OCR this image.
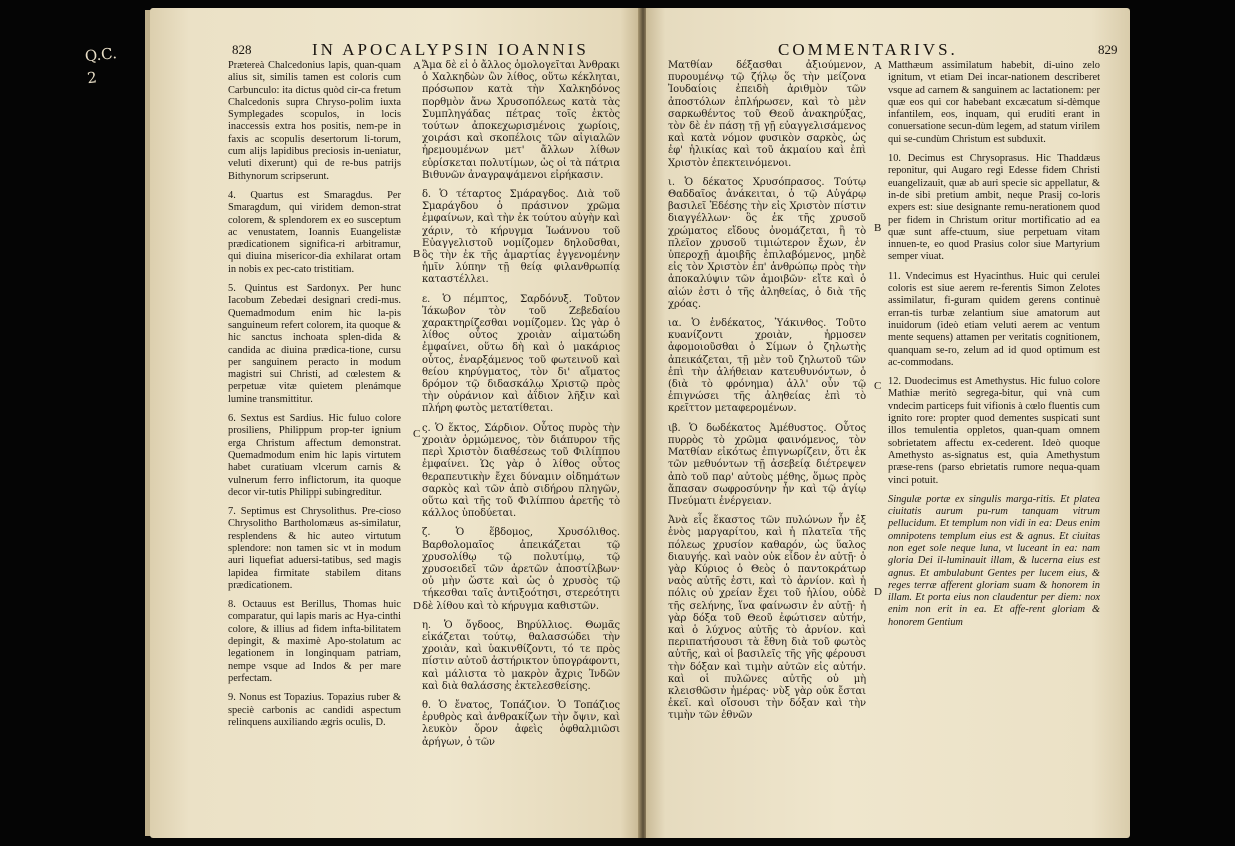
Q.C. 2
828	IN APOCALYPSIN IOANNIS

Prætereà Chalcedonius lapis, quan-quam alius sit, similis tamen est coloris cum Carbunculo: ita dictus quòd cir-ca fretum Chalcedonis supra Chryso-polim iuxta Symplegades scopulos, in locis inaccessis extra hos positis, nem-pe in faxis ac scopulis desertorum li-torum, cum alijs lapidibus preciosis in-ueniatur, veluti dixerunt) qui de re-bus patrijs Bithynorum scripserunt.

4. Quartus est Smaragdus. Per Smaragdum, qui viridem demon-strat colorem, & splendorem ex eo susceptum ac venustatem, Ioannis Euangelistæ prædicationem significa-ri arbitramur, qui diuina misericor-dia exhilarat ortam in nobis ex pec-cato tristitiam.

5. Quintus est Sardonyx. Per hunc Iacobum Zebedæi designari credi-mus. Quemadmodum enim hic la-pis sanguineum refert colorem, ita quoque & hic sanctus inchoata splen-dida & candida ac diuina prædica-tione, cursu per sanguinem peracto in modum magistri sui Christi, ad cœlestem & perpetuæ vitæ quietem plenámque lumine transmittitur.

6. Sextus est Sardius. Hic fuluo colore prosiliens, Philippum prop-ter ignium erga Christum affectum demonstrat. Quemadmodum enim hic lapis virtutem habet curatiuam vlcerum carnis & vulnerum ferro inflictorum, ita quoque decor vir-tutis Philippi subingreditur.

7. Septimus est Chrysolithus. Pre-cioso Chrysolitho Bartholomæus as-similatur, resplendens & hic auteo virtutum splendore: non tamen sic vt in modum auri liquefiat aduersi-tatibus, sed magis lapidea firmitate stabilem ditans prædicationem.

8. Octauus est Berillus, Thomas huic comparatur, qui lapis maris ac Hya-cinthi colore, & illius ad fidem infta-bilitatem depingit, & maximè Apo-stolatum ac legationem in longinquam patriam, nempe vsque ad Indos & per mare perfectam.

9. Nonus est Topazius. Topazius ruber & speciè carbonis ac candidi aspectum relinquens auxiliando ægris oculis, D.

A
B
C
D

Ἄμα δὲ εἰ ὁ ἄλλος ὁμολογεῖται Ἀνθρακι ὁ Χαλκηδὼν ὢν λίθος, οὕτω κέκληται, πρόσωπον κατὰ τὴν Χαλκηδόνος πορθμὸν ἄνω Χρυσοπόλεως κατὰ τὰς Συμπληγάδας πέτρας τοῖς ἐκτὸς τούτων ἀποκεχωρισμένοις χωρίοις, χοιράσι καὶ σκοπέλοις τῶν αἰγιαλῶν ἠρεμουμένων μετ' ἄλλων λίθων εὑρίσκεται πολυτίμων, ὡς οἱ τὰ πάτρια Βιθυνῶν ἀναγραψάμενοι εἰρήκασιν.

δ. Ὁ τέταρτος Σμάραγδος. Διὰ τοῦ Σμαράγδου ὁ πράσινον χρῶμα ἐμφαίνων, καὶ τὴν ἐκ τούτου αὐγὴν καὶ χάριν, τὸ κήρυγμα Ἰωάννου τοῦ Εὐαγγελιστοῦ νομίζομεν δηλοῦσθαι, ὃς τὴν ἐκ τῆς ἁμαρτίας ἐγγενομένην ἡμῖν λύπην τῇ θείᾳ φιλανθρωπίᾳ καταστέλλει.

ε. Ὁ πέμπτος, Σαρδόνυξ. Τοῦτον Ἰάκωβον τὸν τοῦ Ζεβεδαίου χαρακτηρίζεσθαι νομίζομεν. Ὡς γὰρ ὁ λίθος οὗτος χροιὰν αἱματώδη ἐμφαίνει, οὕτω δὴ καὶ ὁ μακάριος οὗτος, ἐναρξάμενος τοῦ φωτεινοῦ καὶ θείου κηρύγματος, τὸν δι' αἵματος δρόμον τῷ διδασκάλῳ Χριστῷ πρὸς τὴν οὐράνιον καὶ ἀΐδιον λῆξιν καὶ πλήρη φωτὸς μετατίθεται.

ς. Ὁ ἕκτος, Σάρδιον. Οὗτος πυρὸς τὴν χροιὰν ὁρμώμενος, τὸν διάπυρον τῆς περὶ Χριστὸν διαθέσεως τοῦ Φιλίππου ἐμφαίνει. Ὡς γὰρ ὁ λίθος οὗτος θεραπευτικὴν ἔχει δύναμιν οἰδημάτων σαρκὸς καὶ τῶν ἀπὸ σιδήρου πληγῶν, οὕτω καὶ τῆς τοῦ Φιλίππου ἀρετῆς τὸ κάλλος ὑποδύεται.

ζ. Ὁ ἕβδομος, Χρυσόλιθος. Βαρθολομαῖος ἀπεικάζεται τῷ χρυσολίθῳ τῷ πολυτίμῳ, τῷ χρυσοειδεῖ τῶν ἀρετῶν ἀποστίλβων· οὐ μὴν ὥστε καὶ ὡς ὁ χρυσὸς τῷ τήκεσθαι ταῖς ἀντιξοότησι, στερεότητι δὲ λίθου καὶ τὸ κήρυγμα καθιστῶν.

η. Ὁ ὄγδοος, Βηρύλλιος. Θωμᾶς εἰκάζεται τούτῳ, θαλασσώδει τὴν χροιὰν, καὶ ὑακινθίζοντι, τό τε πρὸς πίστιν αὐτοῦ ἀστήρικτον ὑπογράφοντι, καὶ μάλιστα τὸ μακρὸν ἄχρις Ἰνδῶν καὶ διὰ θαλάσσης ἐκτελεσθείσης.

θ. Ὁ ἔνατος, Τοπάζιον. Ὁ Τοπάζιος ἐρυθρὸς καὶ ἀνθρακίζων τὴν ὄψιν, καὶ λευκὸν ὅρον ἀφεὶς ὀφθαλμιῶσι ἀρήγων, ὁ τῶν

COMMENTARIVS.	829

Ματθίαν δέξασθαι ἀξιούμενον, πυρουμένῳ τῷ ζήλῳ ὅς τὴν μείζονα Ἰουδαίοις ἐπειδὴ ἀριθμὸν τῶν ἀποστόλων ἐπλήρωσεν, καὶ τὸ μὲν σαρκωθέντος τοῦ Θεοῦ ἀνακηρύξας, τὸν δὲ ἐν πάσῃ τῇ γῇ εὐαγγελισάμενος καὶ κατὰ νόμον φυσικὸν σαρκὸς, ὡς ἐφ' ἡλικίας καὶ τοῦ ἀκμαίου καὶ ἐπὶ Χριστὸν ἐπεκτεινόμενοι.

ι. Ὁ δέκατος Χρυσόπρασος. Τούτῳ Θαδδαῖος ἀνάκειται, ὁ τῷ Αὐγάρῳ βασιλεῖ Ἐδέσης τὴν εἰς Χριστὸν πίστιν διαγγέλλων· ὃς ἐκ τῆς χρυσοῦ χρώματος εἴδους ὀνομάζεται, ἢ τὸ πλεῖον χρυσοῦ τιμιώτερον ἔχων, ἐν ὑπεροχῇ ἀμοιβῆς ἐπιλαβόμενος, μηδὲ εἰς τὸν Χριστὸν ἐπ' ἀνθρώπῳ πρὸς τὴν ἀποκαλύψιν τῶν ἀμοιβῶν· εἴτε καὶ ὁ αἰών ἐστι ὁ τῆς ἀληθείας, ὁ διὰ τῆς χρόας.

ια. Ὁ ἑνδέκατος, Ὑάκινθος. Τοῦτο κυανίζοντι χροιὰν, ἡρμοσεν ἀφομοιοῦσθαι ὁ Σίμων ὁ ζηλωτὴς ἀπεικάζεται, τῇ μὲν τοῦ ζηλωτοῦ τῶν ἐπὶ τὴν ἀλήθειαν κατευθυνόντων, ὁ (διὰ τὸ φρόνημα) ἀλλ' οὖν τῷ ἐπιγνώσει τῆς ἀληθείας ἐπὶ τὸ κρεῖττον μεταφερομένων.

ιβ. Ὁ δωδέκατος Ἀμέθυστος. Οὗτος πυρρὸς τὸ χρῶμα φαινόμενος, τὸν Ματθίαν εἰκότως ἐπιγνωρίζειν, ὅτι ἐκ τῶν μεθυόντων τῇ ἀσεβείᾳ διέτρεψεν ἀπὸ τοῦ παρ' αὐτοὺς μέθης, ὅμως πρὸς ἅπασαν σωφροσύνην ἦν καὶ τῷ ἁγίῳ Πνεύματι ἐνέργειαν.

Ἀνὰ εἷς ἕκαστος τῶν πυλώνων ἦν ἐξ ἑνὸς μαργαρίτου, καὶ ἡ πλατεῖα τῆς πόλεως χρυσίον καθαρόν, ὡς ὕαλος διαυγής. καὶ ναὸν οὐκ εἶδον ἐν αὐτῇ· ὁ γὰρ Κύριος ὁ Θεὸς ὁ παντοκράτωρ ναὸς αὐτῆς ἐστι, καὶ τὸ ἀρνίον. καὶ ἡ πόλις οὐ χρείαν ἔχει τοῦ ἡλίου, οὐδὲ τῆς σελήνης, ἵνα φαίνωσιν ἐν αὐτῇ· ἡ γὰρ δόξα τοῦ Θεοῦ ἐφώτισεν αὐτήν, καὶ ὁ λύχνος αὐτῆς τὸ ἀρνίον. καὶ περιπατήσουσι τὰ ἔθνη διὰ τοῦ φωτὸς αὐτῆς, καὶ οἱ βασιλεῖς τῆς γῆς φέρουσι τὴν δόξαν καὶ τιμὴν αὐτῶν εἰς αὐτήν. καὶ οἱ πυλῶνες αὐτῆς οὐ μὴ κλεισθῶσιν ἡμέρας· νὺξ γὰρ οὐκ ἔσται ἐκεῖ. καὶ οἴσουσι τὴν δόξαν καὶ τὴν τιμὴν τῶν ἐθνῶν

A
B
C
D

Matthæum assimilatum habebit, di-uino zelo ignitum, vt etiam Dei incar-nationem describeret vsque ad carnem & sanguinem ac lactationem: per quæ eos qui cor habebant excæcatum si-dèmque infantilem, eos, inquam, qui eruditi erant in conuersatione secun-dùm legem, ad statum virilem qui se-cundùm Christum est subduxit.

10. Decimus est Chrysoprasus. Hic Thaddæus reponitur, qui Augaro regi Edesse fidem Christi euangelizauit, quæ ab auri specie sic appellatur, & in-de sibi pretium ambit, neque Prasij co-loris expers est: siue designante remu-nerationem quod per fidem in Christum oritur mortificatio ad ea quæ sunt affe-ctuum, siue perpetuam vitam innuen-te, eo quod Prasius color siue Martyrium semper viuat.

11. Vndecimus est Hyacinthus. Huic qui cerulei coloris est siue aerem re-ferentis Simon Zelotes assimilatur, fi-guram quidem gerens continuè erran-tis turbæ zelantium siue amatorum aut inuidorum (ideò etiam veluti aerem ac ventum mente sequens) attamen per veritatis cognitionem, quanquam se-ro, zelum ad id quod optimum est ac-commodans.

12. Duodecimus est Amethystus. Hic fuluo colore Mathiæ meritò segrega-bitur, qui vnà cum vndecim particeps fuit vifionis à cœlo fluentis cum ignito rore: propter quod dementes suspicati sunt illos temulentia oppletos, quan-quam omnem sobrietatem affectu ex-cederent. Ideò quoque Amethysto as-signatus est, quia Amethystum præse-rens (parso ebrietatis rumore nequa-quam vinci potuit.

Singulæ portæ ex singulis marga-ritis. Et platea ciuitatis aurum pu-rum tanquam vitrum pellucidum. Et templum non vidi in ea: Deus enim omnipotens templum eius est & agnus. Et ciuitas non eget sole neque luna, vt luceant in ea: nam gloria Dei il-luminauit illam, & lucerna eius est agnus. Et ambulabunt Gentes per lucem eius, & reges terræ afferent gloriam suam & honorem in illam. Et porta eius non claudentur per diem: nox enim non erit in ea. Et affe-rent gloriam & honorem Gentium
